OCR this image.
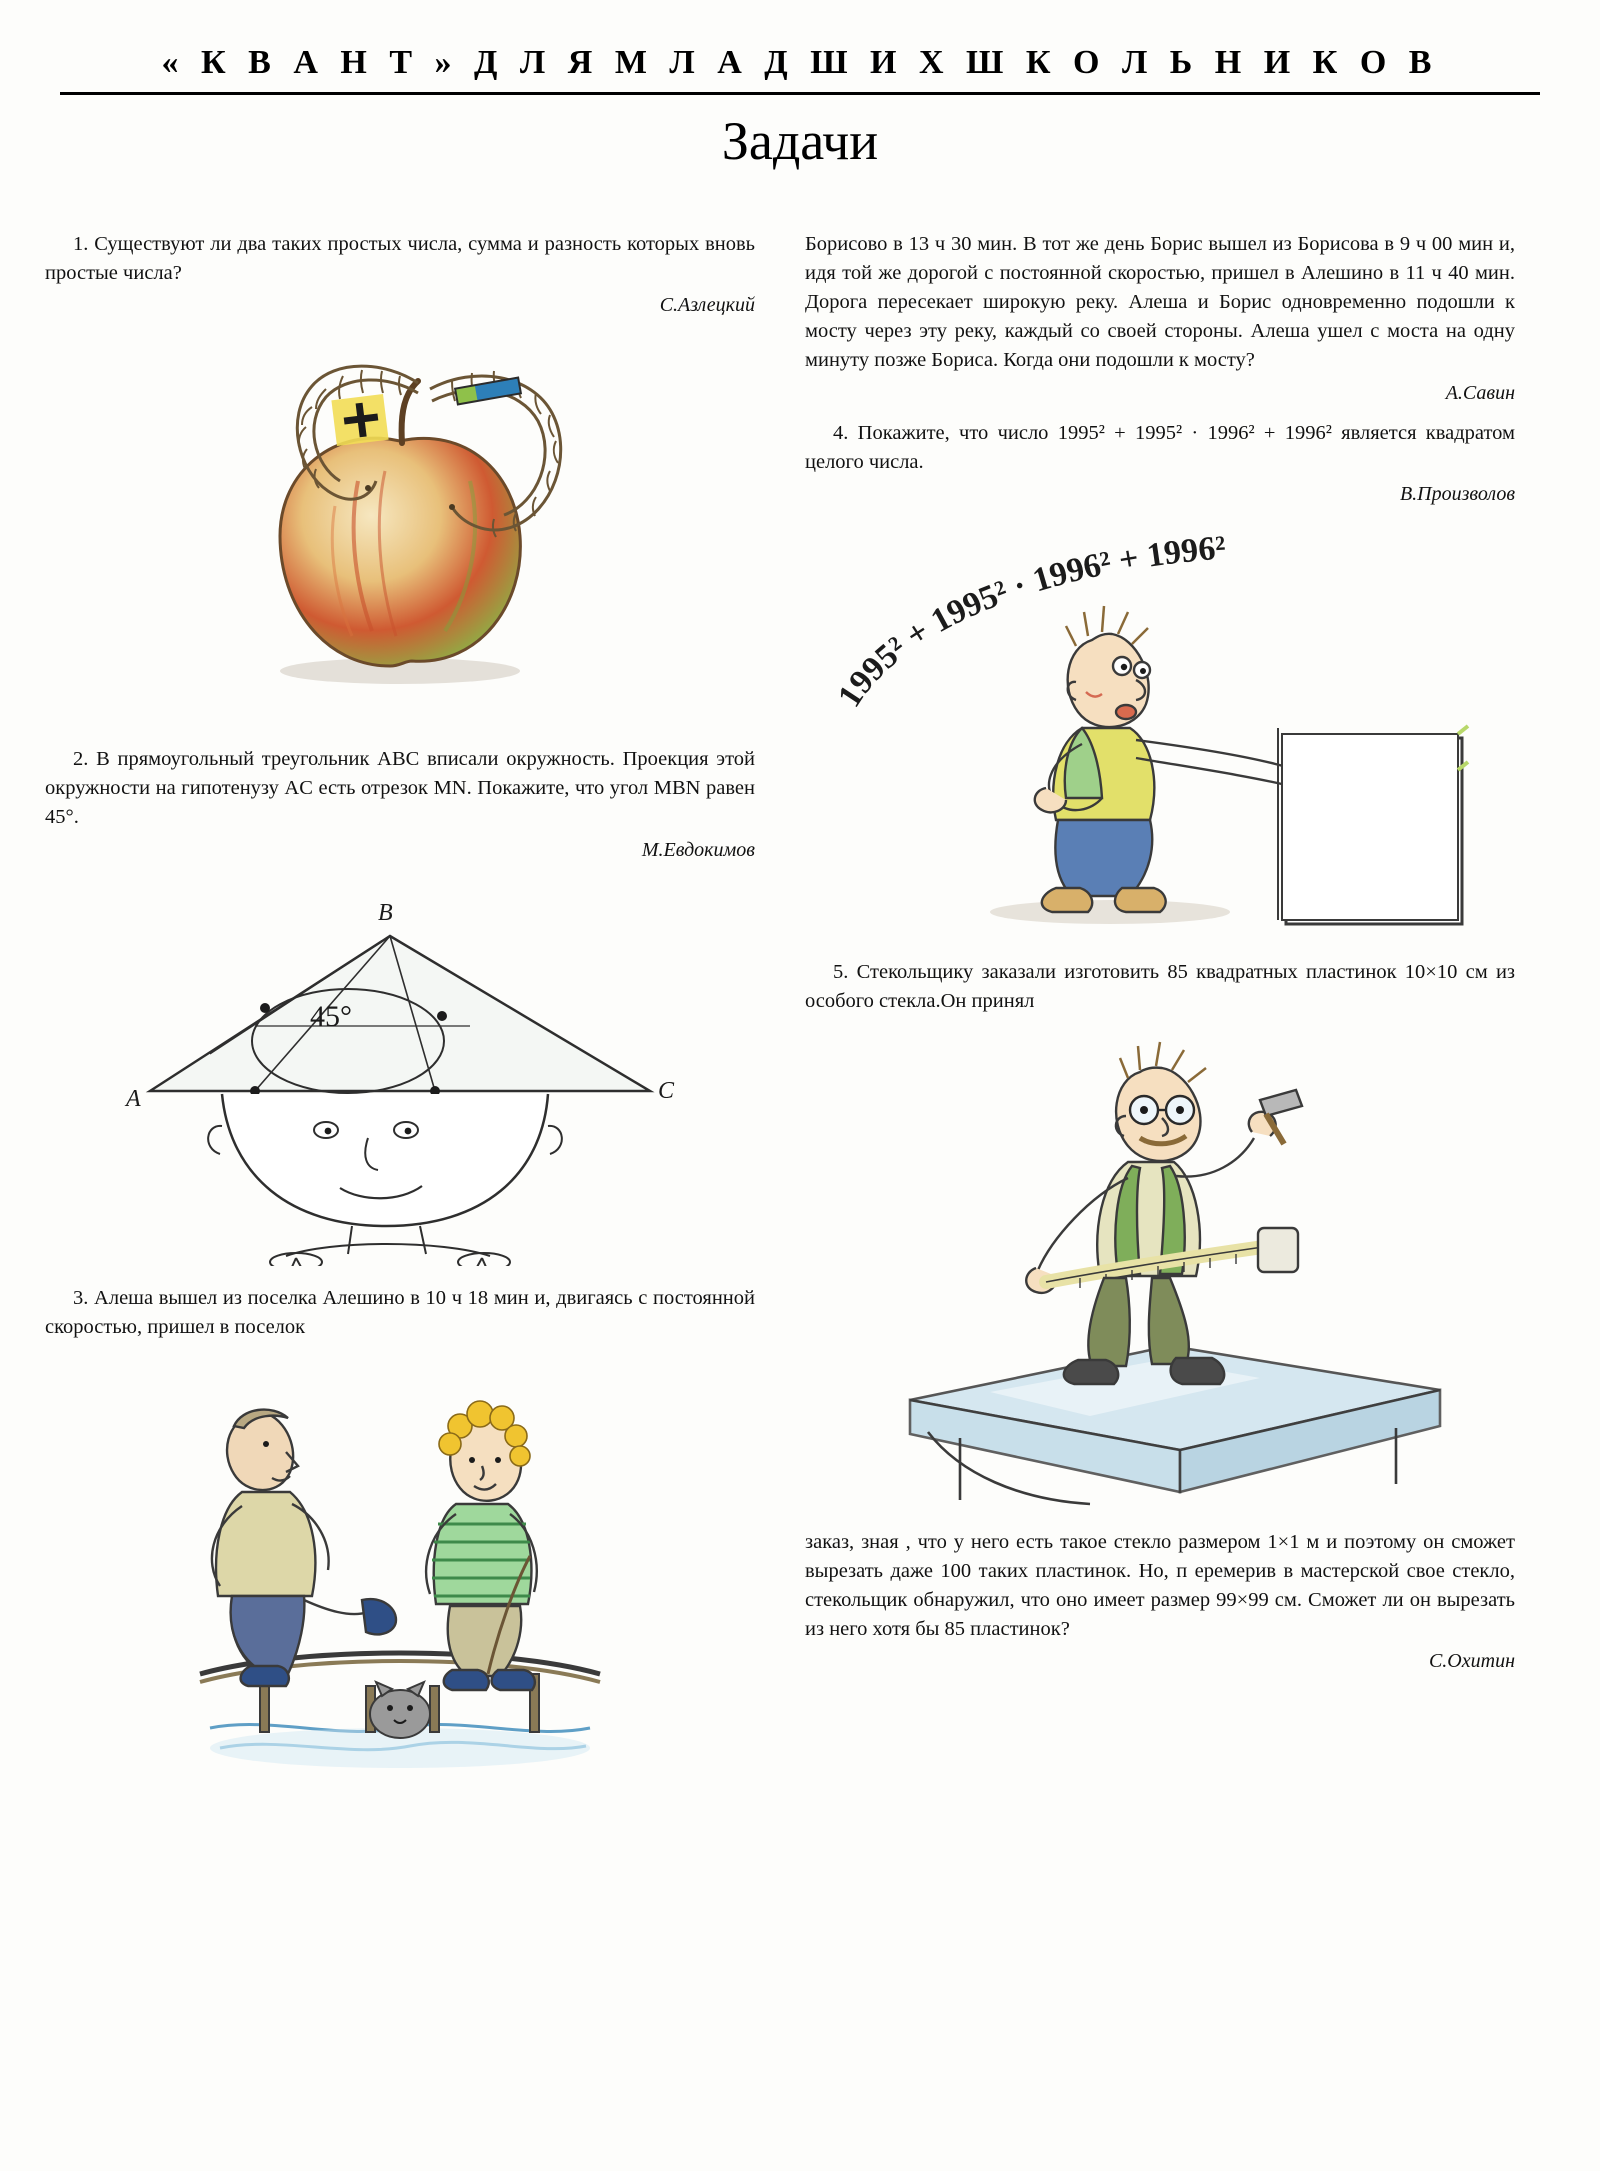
« К В А Н Т » Д Л Я М Л А Д Ш И Х Ш К О Л Ь Н И К О В
Задачи

1. Существуют ли два таких простых числа, сумма и разность которых вновь простые числа?

С.Азлецкий

2. В прямоугольный треугольник ABC вписали окружность. Проекция этой окружности на гипотенузу AC есть отрезок MN. Покажите, что угол MBN равен 45°.

М.Евдокимов

B
A	C
45°

3. Алеша вышел из поселка Алешино в 10 ч 18 мин и, двигаясь с постоянной скоростью, пришел в поселок

Борисово в 13 ч 30 мин. В тот же день Борис вышел из Борисова в 9 ч 00 мин и, идя той же дорогой с постоянной скоростью, пришел в Алешино в 11 ч 40 мин. Дорога пересекает широкую реку. Алеша и Борис одновременно подошли к мосту через эту реку, каждый со своей стороны. Алеша ушел с моста на одну минуту позже Бориса. Когда они подошли к мосту?

А.Савин

4. Покажите, что число 1995² + 1995² · 1996² + 1996² является квадратом целого числа.

В.Произволов

1995² + 1995² · 1996² + 1996²

5. Стекольщику заказали изготовить 85 квадратных пластинок 10×10 см из особого стекла.Он принял

заказ, зная , что у него есть такое стекло размером 1×1 м и поэтому он сможет вырезать даже 100 таких пластинок. Но, п еремерив в мастерской свое стекло, стекольщик обнаружил, что оно имеет размер 99×99 см. Сможет ли он вырезать из него хотя бы 85 пластинок?

С.Охитин
